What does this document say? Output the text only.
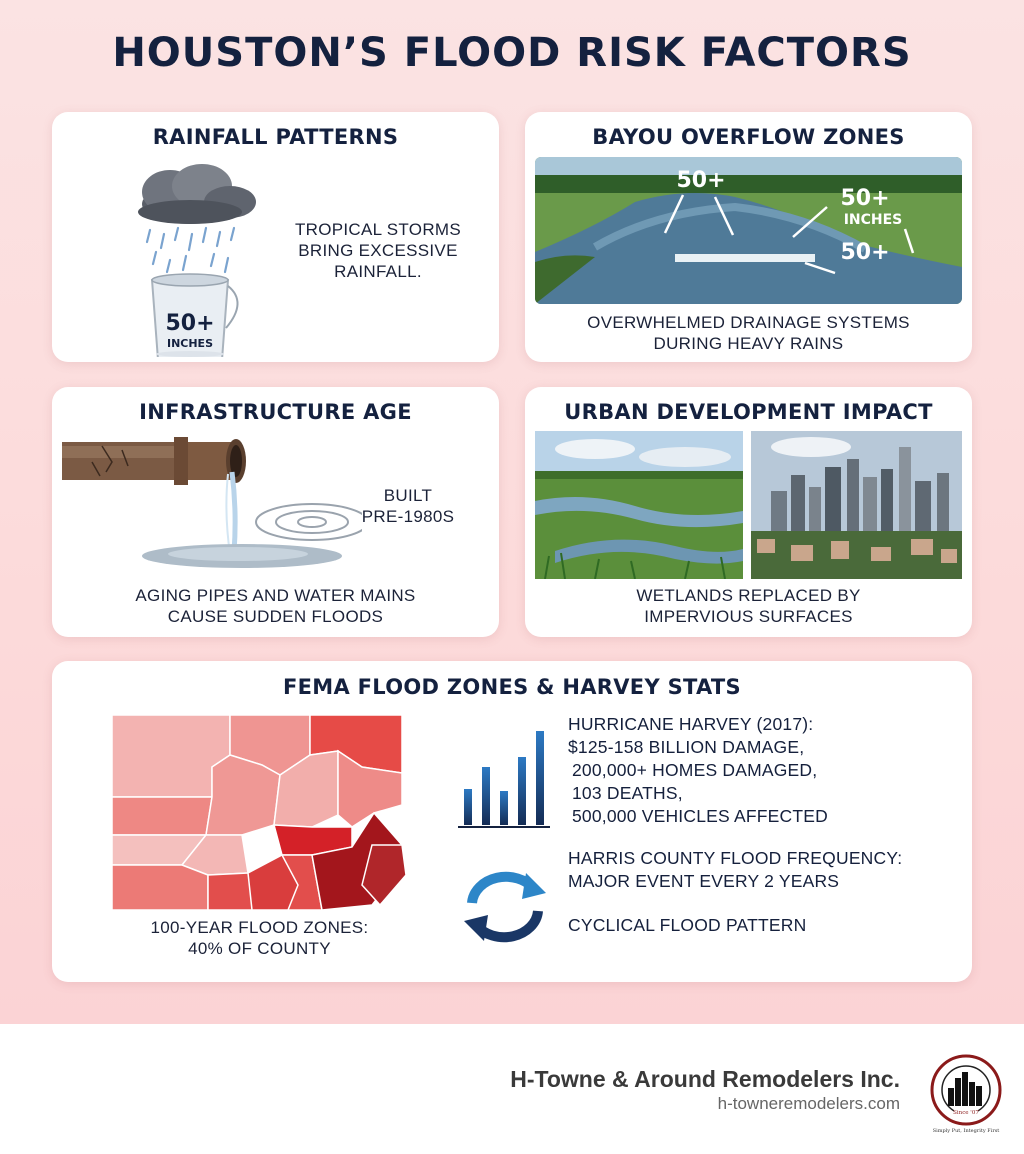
HOUSTON’S FLOOD RISK FACTORS
RAINFALL PATTERNS
50+
INCHES
TROPICAL STORMS
BRING EXCESSIVE
RAINFALL.
BAYOU OVERFLOW ZONES
50+
50+
INCHES
50+
OVERWHELMED DRAINAGE SYSTEMS
DURING HEAVY RAINS
INFRASTRUCTURE AGE
BUILT
PRE-1980S
AGING PIPES AND WATER MAINS
CAUSE SUDDEN FLOODS
URBAN DEVELOPMENT IMPACT
WETLANDS REPLACED BY
IMPERVIOUS SURFACES
FEMA FLOOD ZONES & HARVEY STATS
100-YEAR FLOOD ZONES:
40% OF COUNTY
HURRICANE HARVEY (2017):
$125-158 BILLION DAMAGE,
200,000+ HOMES DAMAGED,
103 DEATHS,
500,000 VEHICLES AFFECTED
HARRIS COUNTY FLOOD FREQUENCY:
MAJOR EVENT EVERY 2 YEARS
CYCLICAL FLOOD PATTERN
H-Towne & Around Remodelers Inc.
h-towneremodelers.com	Since '07
Simply Put, Integrity First
